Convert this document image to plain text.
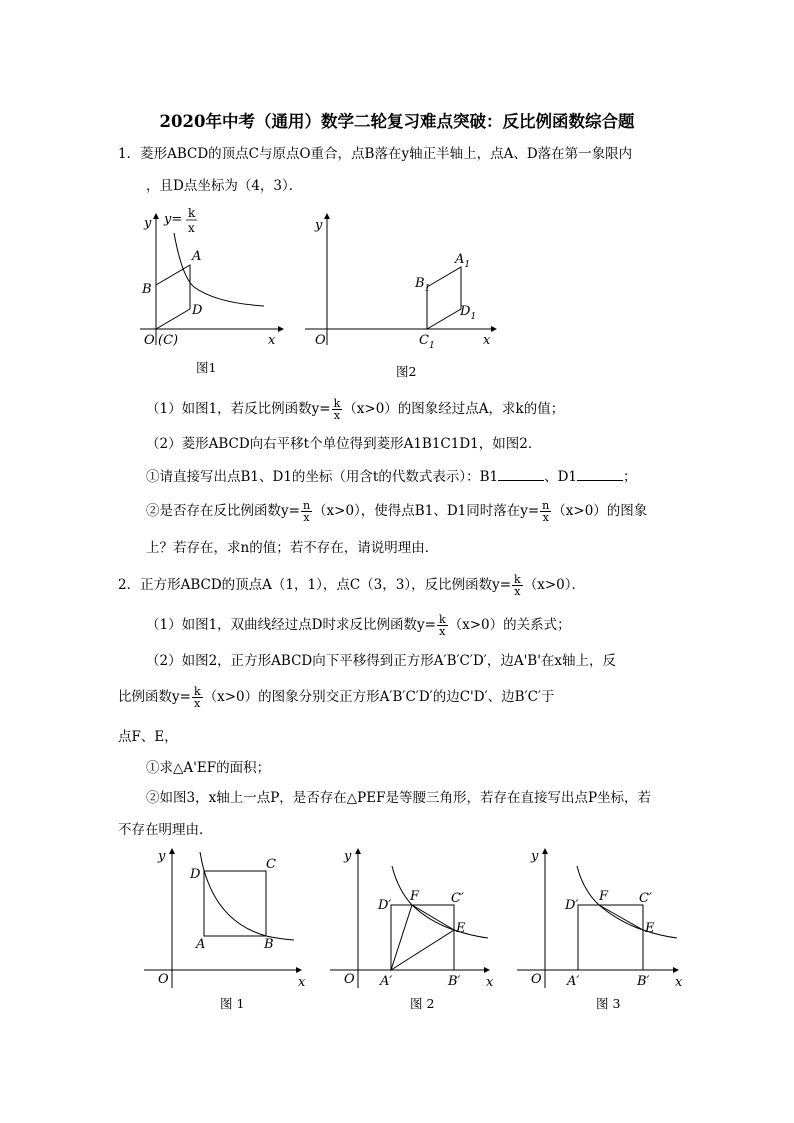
2020年中考（通用）数学二轮复习难点突破：反比例函数综合题
1．菱形ABCD的顶点C与原点O重合，点B落在y轴正半轴上，点A、D落在第一象限内
，且D点坐标为（4，3）．
y y= k
x
A
B
D
O (C)	x
图1
y
$A_1$
$B_1$
$D_1$
$C_1$
O	x
图2
（1）如图1，若反比例函数$y= \frac{k}{x} (x>0)$的图象经过点A，求k的值；
（2）菱形ABCD向右平移t个单位得到菱形A1B1C1D1，如图2．
①请直接写出点B1、D1的坐标（用含t的代数式表示）：B1	、D1	；
②是否存在反比例函数$y= \frac{n}{x} (x>0)$，使得点B1、D1同时落在$y= \frac{n}{x} (x>0)$的图象
上？若存在，求n的值；若不存在，请说明理由．
2．正方形ABCD的顶点A（1，1），点C（3，3），反比例函数$y= \frac{k}{x} (x>0)$．
（1）如图1，双曲线经过点D时求反比例函数$y= \frac{k}{x} (x>0)$的关系式；
（2）如图2，正方形ABCD向下平移得到正方形A′B′C′D′，边A'B'在x轴上，反
比例函数$y= \frac{k}{x} (x>0)$的图象分别交正方形A′B′C′D′的边C'D′、边B′C′于
点F、E，
①求△A'EF的面积；
②如图3，x轴上一点P，是否存在△PEF是等腰三角形，若存在直接写出点P坐标，若
不存在明理由．
y
D
C
A	B
O	x
图 1
y
D′
F C′
E
A′	B′
O	x
图 2
y
D′
F C′
E
A′	B′
O	x
图 3
